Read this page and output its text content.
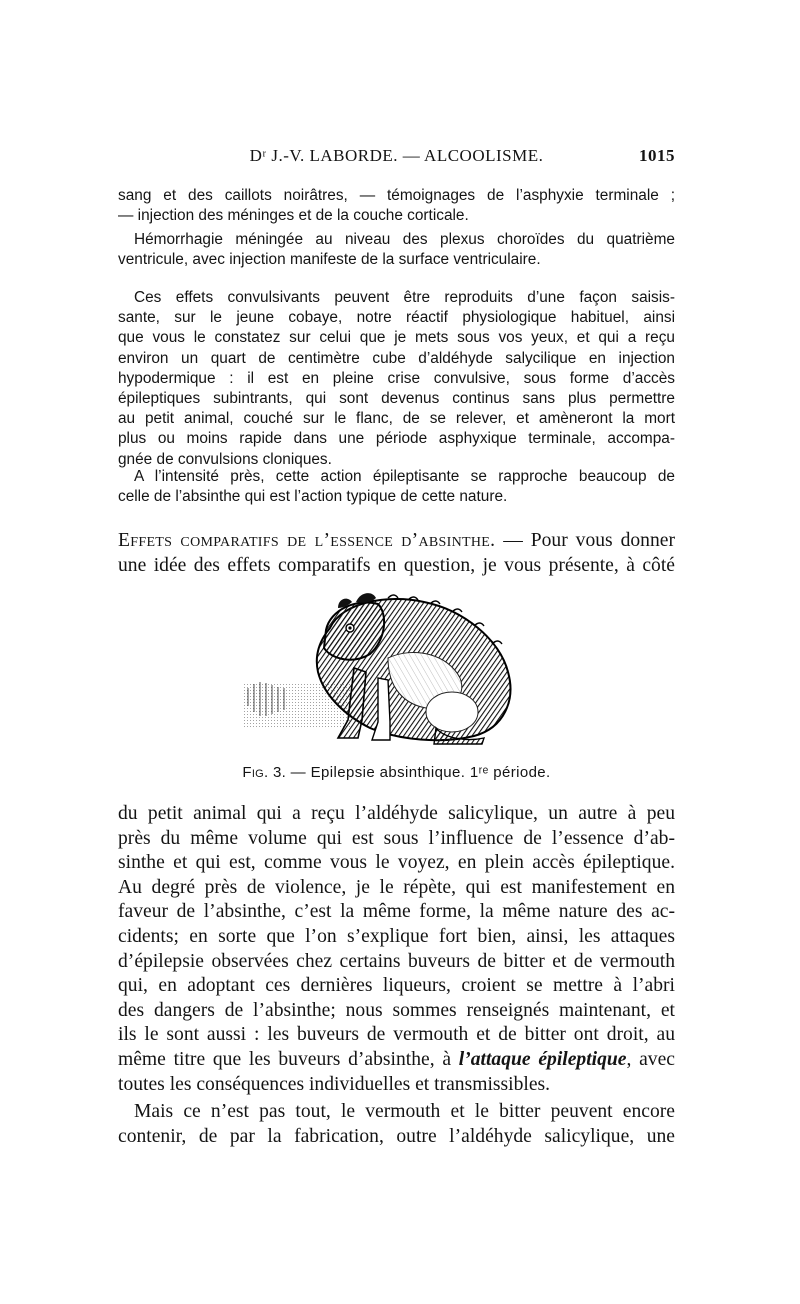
Dʳ J.-V. LABORDE. — ALCOOLISME.	1015
sang et des caillots noirâtres, — témoignages de l’asphyxie terminale ;
— injection des méninges et de la couche corticale.
Hémorrhagie méningée au niveau des plexus choroïdes du quatrième
ventricule, avec injection manifeste de la surface ventriculaire.
Ces effets convulsivants peuvent être reproduits d’une façon saisis-
sante, sur le jeune cobaye, notre réactif physiologique habituel, ainsi
que vous le constatez sur celui que je mets sous vos yeux, et qui a reçu
environ un quart de centimètre cube d’aldéhyde salycilique en injection
hypodermique : il est en pleine crise convulsive, sous forme d’accès
épileptiques subintrants, qui sont devenus continus sans plus permettre
au petit animal, couché sur le flanc, de se relever, et amèneront la mort
plus ou moins rapide dans une période asphyxique terminale, accompa-
gnée de convulsions cloniques.
A l’intensité près, cette action épileptisante se rapproche beaucoup de
celle de l’absinthe qui est l’action typique de cette nature.
Effets comparatifs de l’essence d’absinthe. — Pour vous donner
une idée des effets comparatifs en question, je vous présente, à côté
Fig. 3. — Epilepsie absinthique. 1ʳᵉ période.
du petit animal qui a reçu l’aldéhyde salicylique, un autre à peu
près du même volume qui est sous l’influence de l’essence d’ab-
sinthe et qui est, comme vous le voyez, en plein accès épileptique.
Au degré près de violence, je le répète, qui est manifestement en
faveur de l’absinthe, c’est la même forme, la même nature des ac-
cidents; en sorte que l’on s’explique fort bien, ainsi, les attaques
d’épilepsie observées chez certains buveurs de bitter et de vermouth
qui, en adoptant ces dernières liqueurs, croient se mettre à l’abri
des dangers de l’absinthe; nous sommes renseignés maintenant, et
ils le sont aussi : les buveurs de vermouth et de bitter ont droit, au
même titre que les buveurs d’absinthe, à l’attaque épileptique, avec
toutes les conséquences individuelles et transmissibles.
Mais ce n’est pas tout, le vermouth et le bitter peuvent encore
contenir, de par la fabrication, outre l’aldéhyde salicylique, une
